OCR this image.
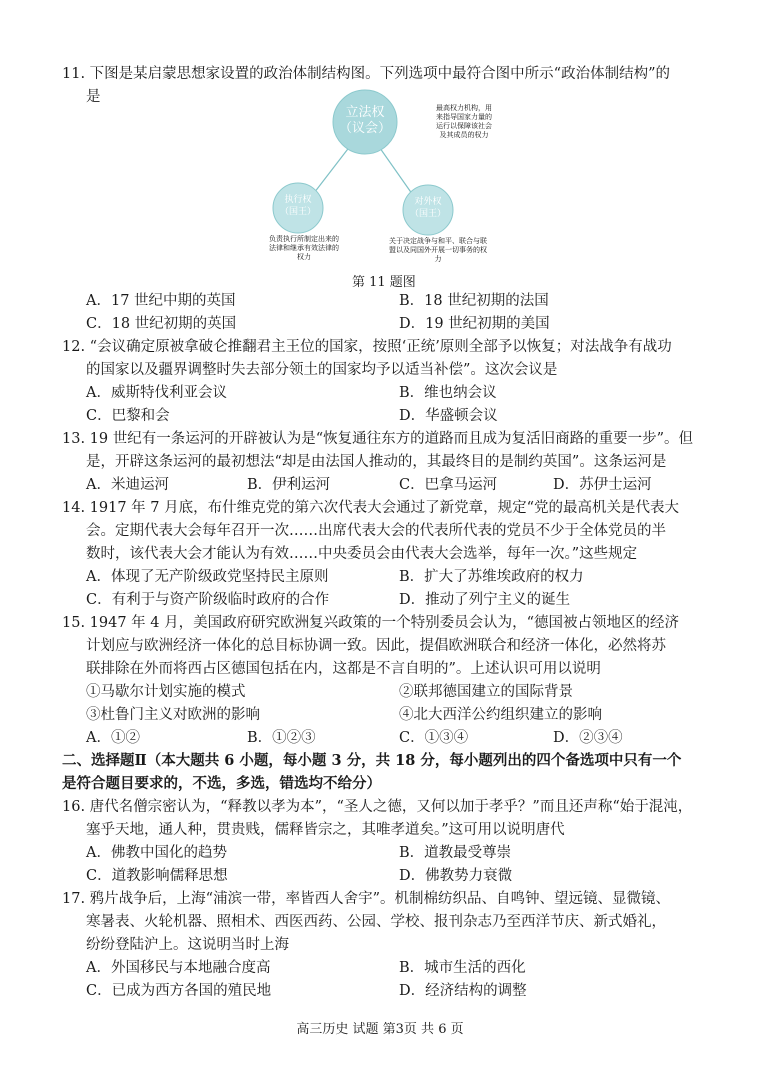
11. 下图是某启蒙思想家设置的政治体制结构图。下列选项中最符合图中所示“政治体制结构”的
是
立法权
（议会）
执行权
（国王）
对外权
（国王）
最高权力机构，用来指导国家力量的运行以保障该社会及其成员的权力
负责执行所制定出来的法律和继承有效法律的权力
关于决定战争与和平、联合与联盟以及同国外开展一切事务的权力
第 11 题图
A．17 世纪中期的英国	B．18 世纪初期的法国
C．18 世纪初期的英国	D．19 世纪初期的美国
12. “会议确定原被拿破仑推翻君主王位的国家，按照‘正统’原则全部予以恢复；对法战争有战功
的国家以及疆界调整时失去部分领土的国家均予以适当补偿”。这次会议是
A．威斯特伐利亚会议	B．维也纳会议
C．巴黎和会	D．华盛顿会议
13. 19 世纪有一条运河的开辟被认为是“恢复通往东方的道路而且成为复活旧商路的重要一步”。但
是，开辟这条运河的最初想法“却是由法国人推动的，其最终目的是制约英国”。这条运河是
A．米迪运河	B．伊利运河	C．巴拿马运河	D．苏伊士运河
14. 1917 年 7 月底，布什维克党的第六次代表大会通过了新党章，规定“党的最高机关是代表大
会。定期代表大会每年召开一次……出席代表大会的代表所代表的党员不少于全体党员的半
数时，该代表大会才能认为有效……中央委员会由代表大会选举，每年一次。”这些规定
A．体现了无产阶级政党坚持民主原则	B．扩大了苏维埃政府的权力
C．有利于与资产阶级临时政府的合作	D．推动了列宁主义的诞生
15. 1947 年 4 月，美国政府研究欧洲复兴政策的一个特别委员会认为，“德国被占领地区的经济
计划应与欧洲经济一体化的总目标协调一致。因此，提倡欧洲联合和经济一体化，必然将苏
联排除在外而将西占区德国包括在内，这都是不言自明的”。上述认识可用以说明
①马歇尔计划实施的模式	②联邦德国建立的国际背景
③杜鲁门主义对欧洲的影响	④北大西洋公约组织建立的影响
A．①②	B．①②③	C．①③④	D．②③④
二、选择题Ⅱ（本大题共 6 小题，每小题 3 分，共 18 分，每小题列出的四个备选项中只有一个
是符合题目要求的，不选，多选，错选均不给分）
16. 唐代名僧宗密认为，“释教以孝为本”，“圣人之德，又何以加于孝乎？”而且还声称“始于混沌，
塞乎天地，通人种，贯贵贱，儒释皆宗之，其唯孝道矣。”这可用以说明唐代
A．佛教中国化的趋势	B．道教最受尊崇
C．道教影响儒释思想	D．佛教势力衰微
17. 鸦片战争后，上海“浦滨一带，率皆西人舍宇”。机制棉纺织品、自鸣钟、望远镜、显微镜、
寒暑表、火轮机器、照相术、西医西药、公园、学校、报刊杂志乃至西洋节庆、新式婚礼，
纷纷登陆沪上。这说明当时上海
A．外国移民与本地融合度高	B．城市生活的西化
C．已成为西方各国的殖民地	D．经济结构的调整
高三历史 试题 第3页 共 6 页
